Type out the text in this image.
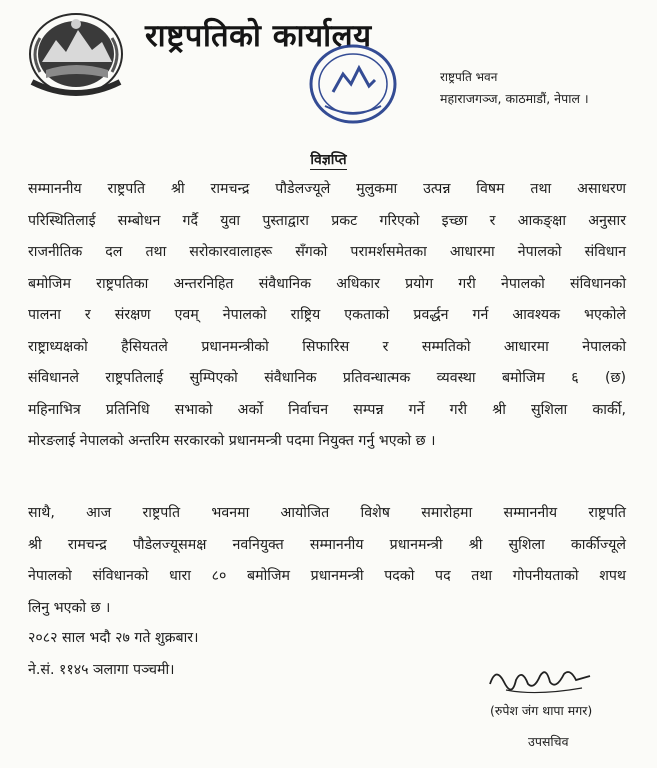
राष्ट्रपतिको कार्यालय
राष्ट्रपति भवन
महाराजगञ्ज, काठमाडौं, नेपाल ।
विज्ञप्ति
सम्माननीय राष्ट्रपति श्री रामचन्द्र पौडेलज्यूले मुलुकमा उत्पन्न विषम तथा असाधरण
परिस्थितिलाई सम्बोधन गर्दै युवा पुस्ताद्वारा प्रकट गरिएको इच्छा र आकङ्क्षा अनुसार
राजनीतिक दल तथा सरोकारवालाहरू सँगको परामर्शसमेतका आधारमा नेपालको संविधान
बमोजिम राष्ट्रपतिका अन्तरनिहित संवैधानिक अधिकार प्रयोग गरी नेपालको संविधानको
पालना र संरक्षण एवम् नेपालको राष्ट्रिय एकताको प्रवर्द्धन गर्न आवश्यक भएकोले
राष्ट्राध्यक्षको हैसियतले प्रधानमन्त्रीको सिफारिस र सम्मतिको आधारमा नेपालको
संविधानले राष्ट्रपतिलाई सुम्पिएको संवैधानिक प्रतिवन्धात्मक व्यवस्था बमोजिम ६ (छ)
महिनाभित्र प्रतिनिधि सभाको अर्को निर्वाचन सम्पन्न गर्ने गरी श्री सुशिला कार्की,
मोरङलाई नेपालको अन्तरिम सरकारको प्रधानमन्त्री पदमा नियुक्त गर्नु भएको छ ।
साथै, आज राष्ट्रपति भवनमा आयोजित विशेष समारोहमा सम्माननीय राष्ट्रपति
श्री रामचन्द्र पौडेलज्यूसमक्ष नवनियुक्त सम्माननीय प्रधानमन्त्री श्री सुशिला कार्कीज्यूले
नेपालको संविधानको धारा ८० बमोजिम प्रधानमन्त्री पदको पद तथा गोपनीयताको शपथ
लिनु भएको छ ।
२०८२ साल भदौ २७ गते शुक्रबार।
ने.सं. ११४५ ञलागा पञ्चमी।
(रुपेश जंग थापा मगर)
उपसचिव
